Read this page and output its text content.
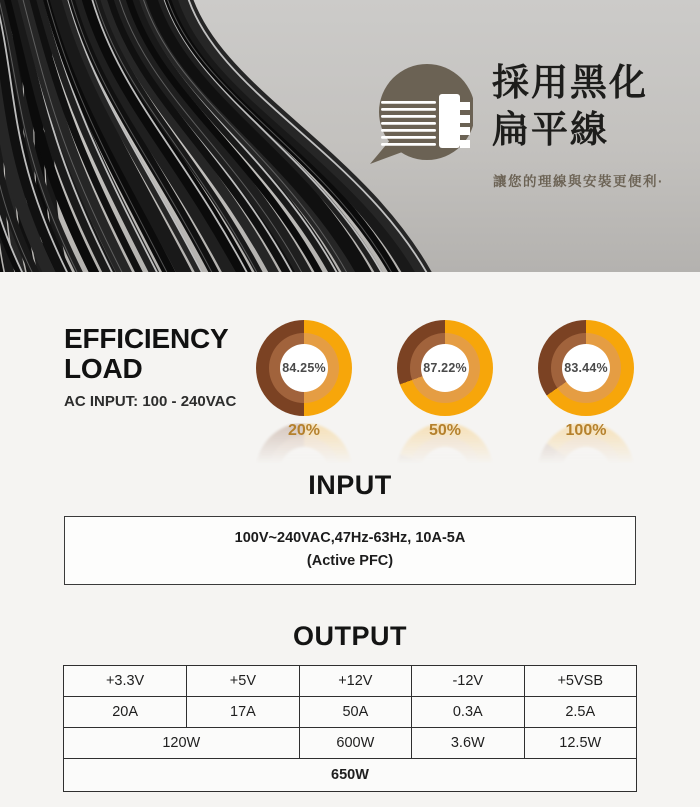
採用黑化
扁平線
讓您的理線與安裝更便利·
EFFICIENCY
LOAD
AC INPUT: 100 - 240VAC
84.25%
20%
87.22%
50%
83.44%
100%
INPUT
100V~240VAC,47Hz-63Hz, 10A-5A
(Active PFC)
OUTPUT
+3.3V	+5V	+12V	-12V	+5VSB
20A	17A	50A	0.3A	2.5A
120W		600W	3.6W	12.5W
650W				
